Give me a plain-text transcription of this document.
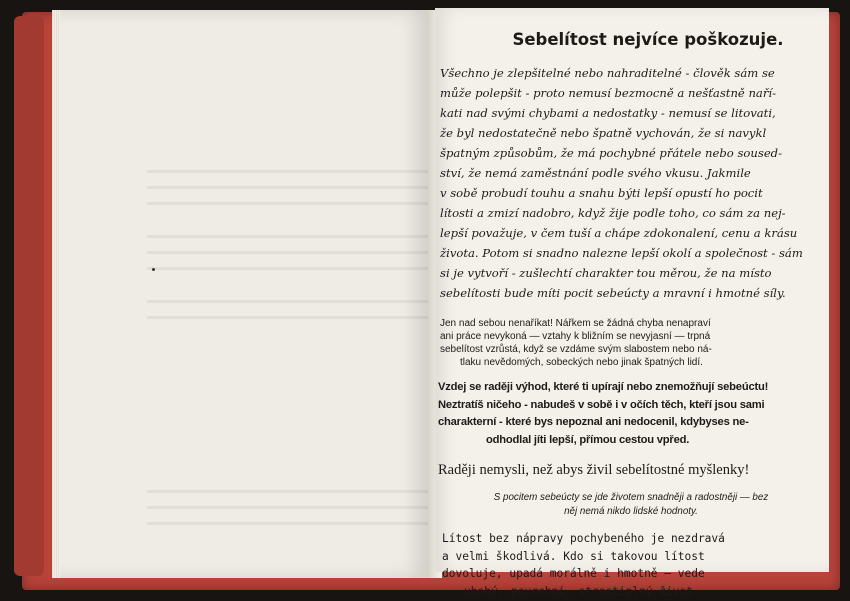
Sebelítost nejvíce poškozuje.
Všechno je zlepšitelné nebo nahraditelné - člověk sám se
může polepšit - proto nemusí bezmocně a nešťastně naří-
kati nad svými chybami a nedostatky - nemusí se litovati,
že byl nedostatečně nebo špatně vychován, že si navykl
špatným způsobům, že má pochybné přátele nebo soused-
ství, že nemá zaměstnání podle svého vkusu. Jakmile
v sobě probudí touhu a snahu býti lepší opustí ho pocit
lítosti a zmizí nadobro, když žije podle toho, co sám za nej-
lepší považuje, v čem tuší a chápe zdokonalení, cenu a krásu
života. Potom si snadno nalezne lepší okolí a společnost - sám
si je vytvoří - zušlechtí charakter tou měrou, že na místo
sebelítosti bude míti pocit sebeúcty a mravní i hmotné síly.
Jen nad sebou nenaříkat! Nářkem se žádná chyba nenapraví
ani práce nevykoná — vztahy k bližním se nevyjasní — trpná
sebelítost vzrůstá, když se vzdáme svým slabostem nebo ná-
tlaku nevědomých, sobeckých nebo jinak špatných lidí.
Vzdej se raději výhod, které ti upírají nebo znemožňují sebeúctu!
Neztratíš ničeho - nabudeš v sobě i v očích těch, kteří jsou sami
charakterní - které bys nepoznal ani nedocenil, kdybyses ne-
odhodlal jíti lepší, přímou cestou vpřed.
Raději nemysli, než abys živil sebelítostné myšlenky!
S pocitem sebeúcty se jde životem snadněji a radostněji — bez
něj nemá nikdo lidské hodnoty.
Lítost bez nápravy pochybeného je nezdravá
a velmi škodlivá. Kdo si takovou lítost
dovoluje, upadá morálně i hmotně — vede
ubohý, povrchní, strastiplný život.
